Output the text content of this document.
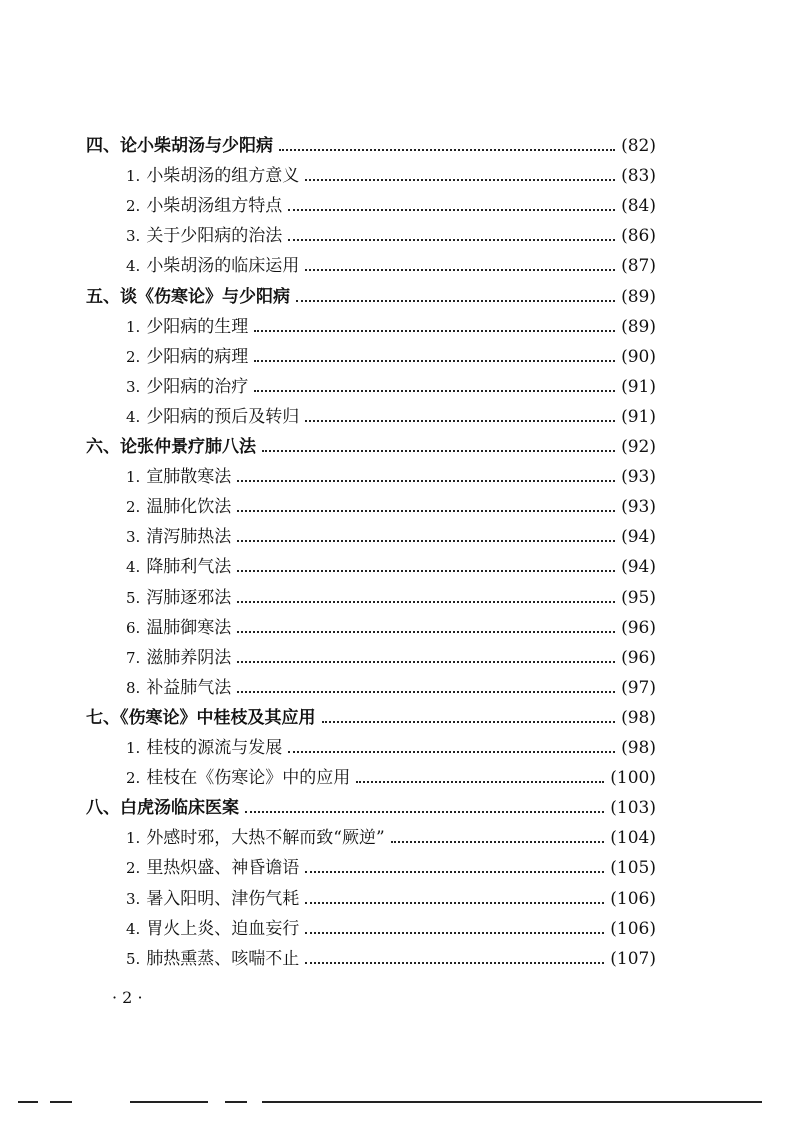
四、论小柴胡汤与少阳病	(82)
1. 小柴胡汤的组方意义	(83)
2. 小柴胡汤组方特点	(84)
3. 关于少阳病的治法	(86)
4. 小柴胡汤的临床运用	(87)
五、谈《伤寒论》与少阳病	(89)
1. 少阳病的生理	(89)
2. 少阳病的病理	(90)
3. 少阳病的治疗	(91)
4. 少阳病的预后及转归	(91)
六、论张仲景疗肺八法	(92)
1. 宣肺散寒法	(93)
2. 温肺化饮法	(93)
3. 清泻肺热法	(94)
4. 降肺利气法	(94)
5. 泻肺逐邪法	(95)
6. 温肺御寒法	(96)
7. 滋肺养阴法	(96)
8. 补益肺气法	(97)
七、《伤寒论》中桂枝及其应用	(98)
1. 桂枝的源流与发展	(98)
2. 桂枝在《伤寒论》中的应用	(100)
八、白虎汤临床医案	(103)
1. 外感时邪，大热不解而致“厥逆”	(104)
2. 里热炽盛、神昏谵语	(105)
3. 暑入阳明、津伤气耗	(106)
4. 胃火上炎、迫血妄行	(106)
5. 肺热熏蒸、咳喘不止	(107)
· 2 ·
